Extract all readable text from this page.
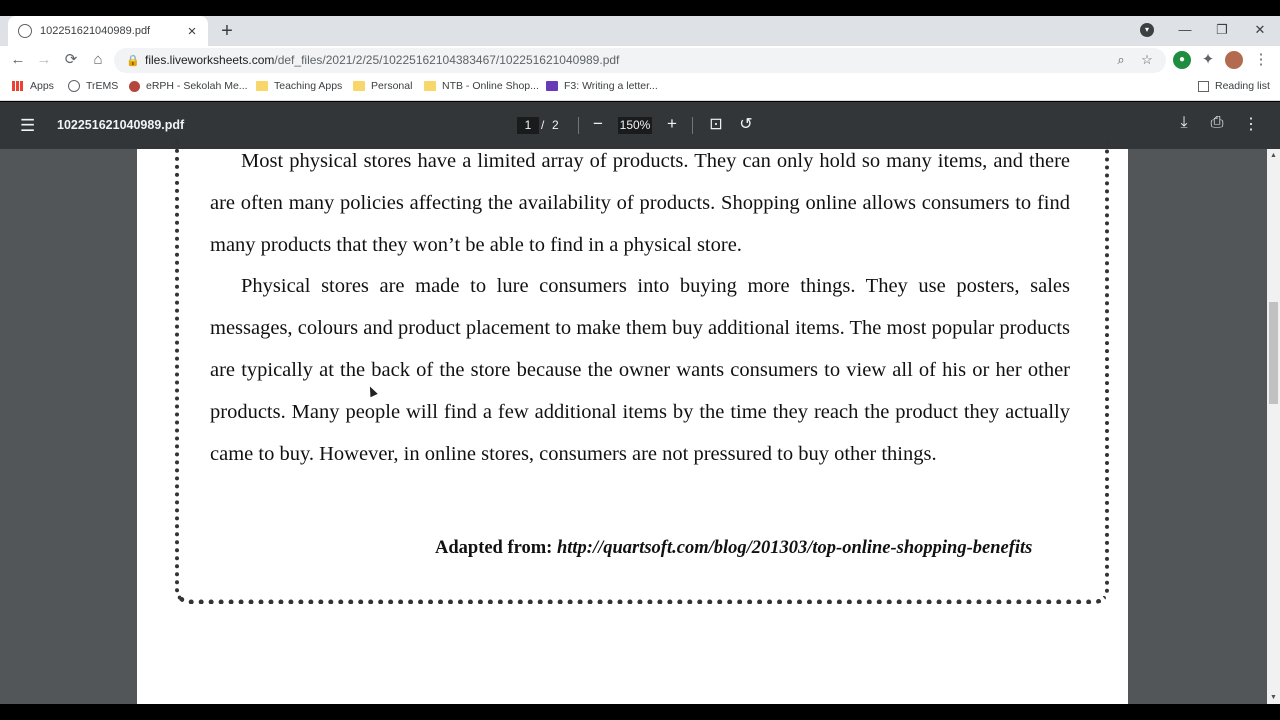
102251621040989.pdf	× +	▾	—	❐	✕
← → ⟳	⌂	🔒 files.liveworksheets.com/def_files/2021/2/25/10225162104383467/102251621040989.pdf	⌕	☆	●	✦	⋮
Apps	TrEMS	eRPH - Sekolah Me...	Teaching Apps	Personal	NTB - Online Shop... F3: Writing a letter...	Reading list
☰ 102251621040989.pdf	1 / 2 −	150% + ⊡ ↺	⤓	⎙ ⋮

Most physical stores have a limited array of products. They can only hold so many items, and there are often many policies affecting the availability of products. Shopping online allows consumers to find many products that they won’t be able to find in a physical store.

Physical stores are made to lure consumers into buying more things. They use posters, sales messages, colours and product placement to make them buy additional items. The most popular products are typically at the back of the store because the owner wants consumers to view all of his or her other products. Many people will find a few additional items by the time they reach the product they actually came to buy. However, in online stores, consumers are not pressured to buy other things.

Adapted from: http://quartsoft.com/blog/201303/top-online-shopping-benefits
▲
▼
